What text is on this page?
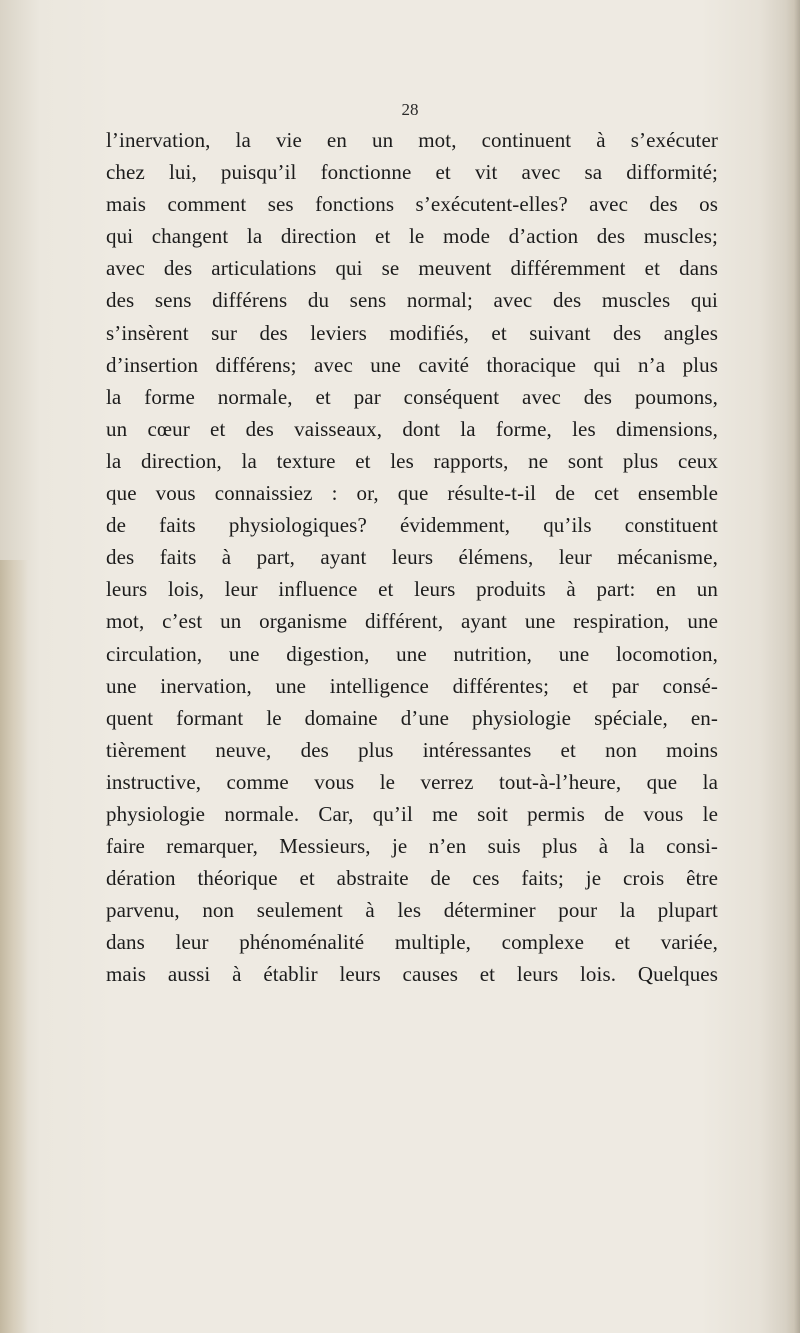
28
l’inervation, la vie en un mot, continuent à s’exécuter
chez lui, puisqu’il fonctionne et vit avec sa difformité;
mais comment ses fonctions s’exécutent-elles? avec des os
qui changent la direction et le mode d’action des muscles;
avec des articulations qui se meuvent différemment et dans
des sens différens du sens normal; avec des muscles qui
s’insèrent sur des leviers modifiés, et suivant des angles
d’insertion différens; avec une cavité thoracique qui n’a plus
la forme normale, et par conséquent avec des poumons,
un cœur et des vaisseaux, dont la forme, les dimensions,
la direction, la texture et les rapports, ne sont plus ceux
que vous connaissiez : or, que résulte-t-il de cet ensemble
de faits physiologiques? évidemment, qu’ils constituent
des faits à part, ayant leurs élémens, leur mécanisme,
leurs lois, leur influence et leurs produits à part: en un
mot, c’est un organisme différent, ayant une respiration, une
circulation, une digestion, une nutrition, une locomotion,
une inervation, une intelligence différentes; et par consé-
quent formant le domaine d’une physiologie spéciale, en-
tièrement neuve, des plus intéressantes et non moins
instructive, comme vous le verrez tout-à-l’heure, que la
physiologie normale. Car, qu’il me soit permis de vous le
faire remarquer, Messieurs, je n’en suis plus à la consi-
dération théorique et abstraite de ces faits; je crois être
parvenu, non seulement à les déterminer pour la plupart
dans leur phénoménalité multiple, complexe et variée,
mais aussi à établir leurs causes et leurs lois. Quelques
